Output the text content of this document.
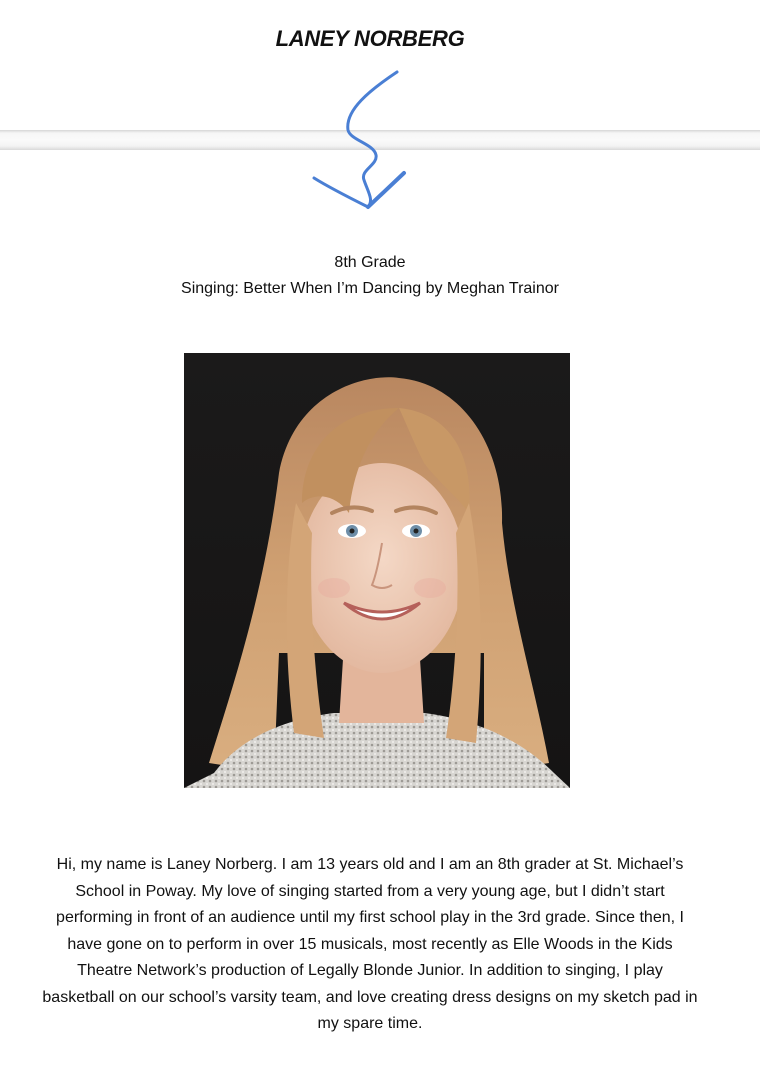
LANEY NORBERG
8th Grade
Singing: Better When I’m Dancing by Meghan Trainor
Hi, my name is Laney Norberg. I am 13 years old and I am an 8th grader at St. Michael’s School in Poway. My love of singing started from a very young age, but I didn’t start performing in front of an audience until my first school play in the 3rd grade. Since then, I have gone on to perform in over 15 musicals, most recently as Elle Woods in the Kids Theatre Network’s production of Legally Blonde Junior. In addition to singing, I play basketball on our school’s varsity team, and love creating dress designs on my sketch pad in my spare time.
